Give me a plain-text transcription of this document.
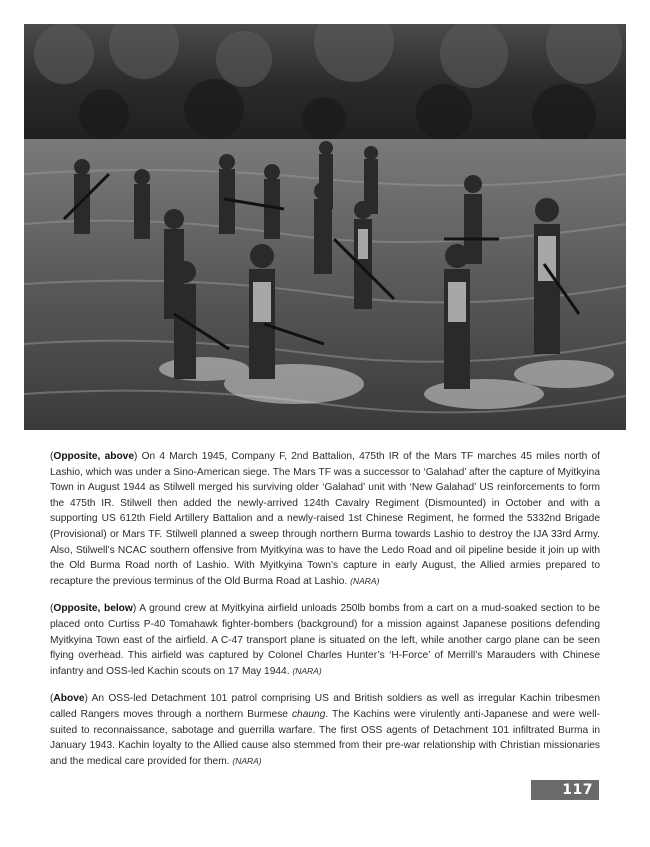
(Opposite, above) On 4 March 1945, Company F, 2nd Battalion, 475th IR of the Mars TF marches 45 miles north of Lashio, which was under a Sino-American siege. The Mars TF was a successor to ‘Galahad’ after the capture of Myitkyina Town in August 1944 as Stilwell merged his surviving older ‘Galahad’ unit with ‘New Galahad’ US reinforcements to form the 475th IR. Stilwell then added the newly-arrived 124th Cavalry Regiment (Dismounted) in October and with a supporting US 612th Field Artillery Battalion and a newly-raised 1st Chinese Regiment, he formed the 5332nd Brigade (Provisional) or Mars TF. Stilwell planned a sweep through northern Burma towards Lashio to destroy the IJA 33rd Army. Also, Stilwell’s NCAC southern offensive from Myitkyina was to have the Ledo Road and oil pipeline beside it join up with the Old Burma Road north of Lashio. With Myitkyina Town’s capture in early August, the Allied armies prepared to recapture the previous terminus of the Old Burma Road at Lashio. (NARA)

(Opposite, below) A ground crew at Myitkyina airfield unloads 250lb bombs from a cart on a mud-soaked section to be placed onto Curtiss P-40 Tomahawk fighter-bombers (background) for a mission against Japanese positions defending Myitkyina Town east of the airfield. A C-47 transport plane is situated on the left, while another cargo plane can be seen flying overhead. This airfield was captured by Colonel Charles Hunter’s ‘H-Force’ of Merrill’s Marauders with Chinese infantry and OSS-led Kachin scouts on 17 May 1944. (NARA)

(Above) An OSS-led Detachment 101 patrol comprising US and British soldiers as well as irregular Kachin tribesmen called Rangers moves through a northern Burmese chaung. The Kachins were virulently anti-Japanese and were well-suited to reconnaissance, sabotage and guerrilla warfare. The first OSS agents of Detachment 101 infiltrated Burma in January 1943. Kachin loyalty to the Allied cause also stemmed from their pre-war relationship with Christian missionaries and the medical care provided for them. (NARA)

117
